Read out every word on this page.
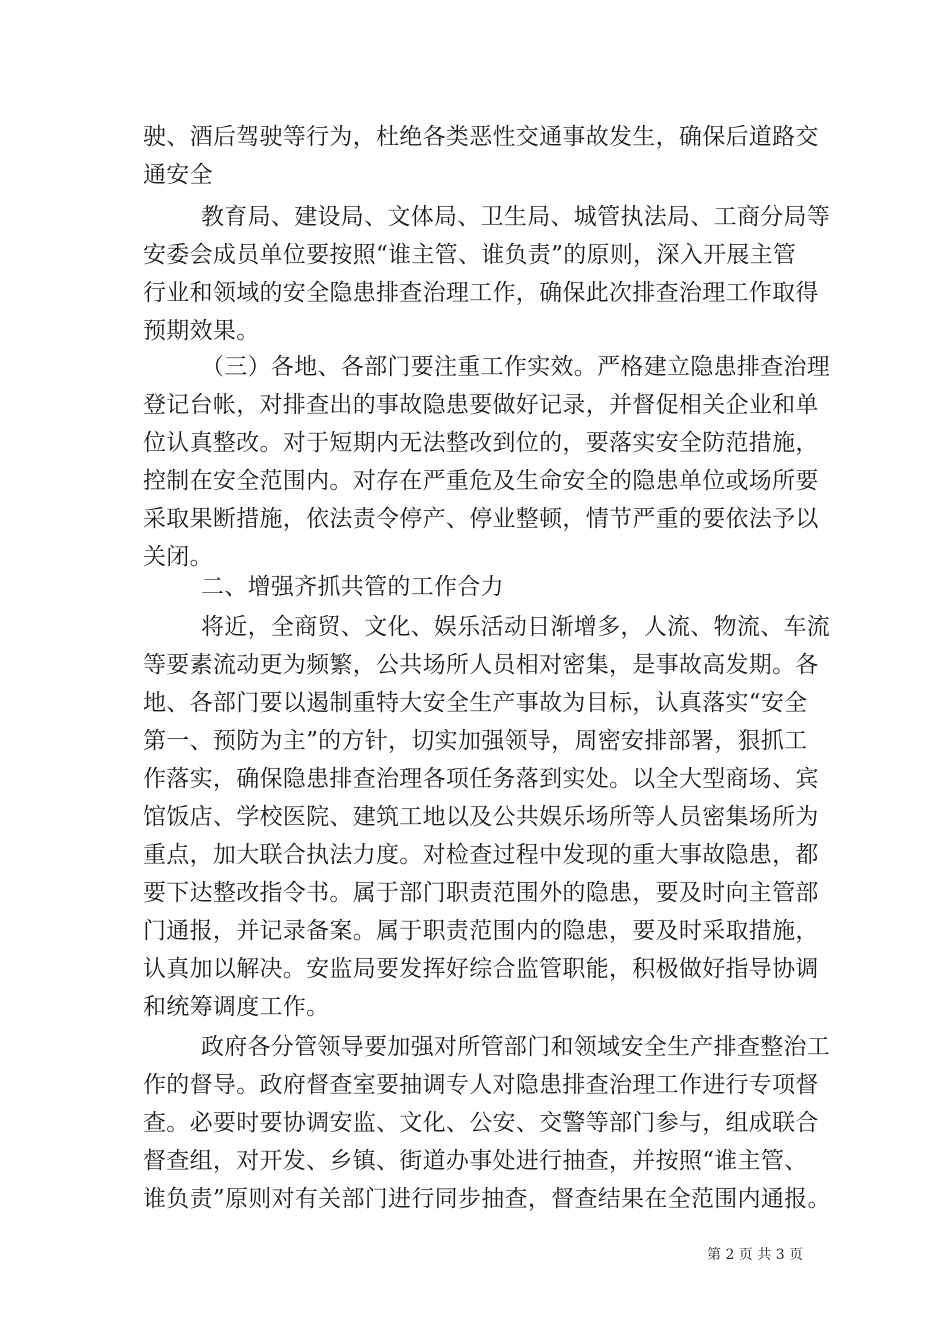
驶、酒后驾驶等行为，杜绝各类恶性交通事故发生，确保后道路交
通安全
教育局、建设局、文体局、卫生局、城管执法局、工商分局等
安委会成员单位要按照“谁主管、谁负责”的原则，深入开展主管
行业和领域的安全隐患排查治理工作，确保此次排查治理工作取得
预期效果。
（三）各地、各部门要注重工作实效。严格建立隐患排查治理
登记台帐，对排查出的事故隐患要做好记录，并督促相关企业和单
位认真整改。对于短期内无法整改到位的，要落实安全防范措施，
控制在安全范围内。对存在严重危及生命安全的隐患单位或场所要
采取果断措施，依法责令停产、停业整顿，情节严重的要依法予以
关闭。
二、增强齐抓共管的工作合力
将近，全商贸、文化、娱乐活动日渐增多，人流、物流、车流
等要素流动更为频繁，公共场所人员相对密集，是事故高发期。各
地、各部门要以遏制重特大安全生产事故为目标，认真落实“安全
第一、预防为主”的方针，切实加强领导，周密安排部署，狠抓工
作落实，确保隐患排查治理各项任务落到实处。以全大型商场、宾
馆饭店、学校医院、建筑工地以及公共娱乐场所等人员密集场所为
重点，加大联合执法力度。对检查过程中发现的重大事故隐患，都
要下达整改指令书。属于部门职责范围外的隐患，要及时向主管部
门通报，并记录备案。属于职责范围内的隐患，要及时采取措施，
认真加以解决。安监局要发挥好综合监管职能，积极做好指导协调
和统筹调度工作。
政府各分管领导要加强对所管部门和领域安全生产排查整治工
作的督导。政府督查室要抽调专人对隐患排查治理工作进行专项督
查。必要时要协调安监、文化、公安、交警等部门参与，组成联合
督查组，对开发、乡镇、街道办事处进行抽查，并按照“谁主管、
谁负责”原则对有关部门进行同步抽查，督查结果在全范围内通报。
第 2 页 共 3 页
